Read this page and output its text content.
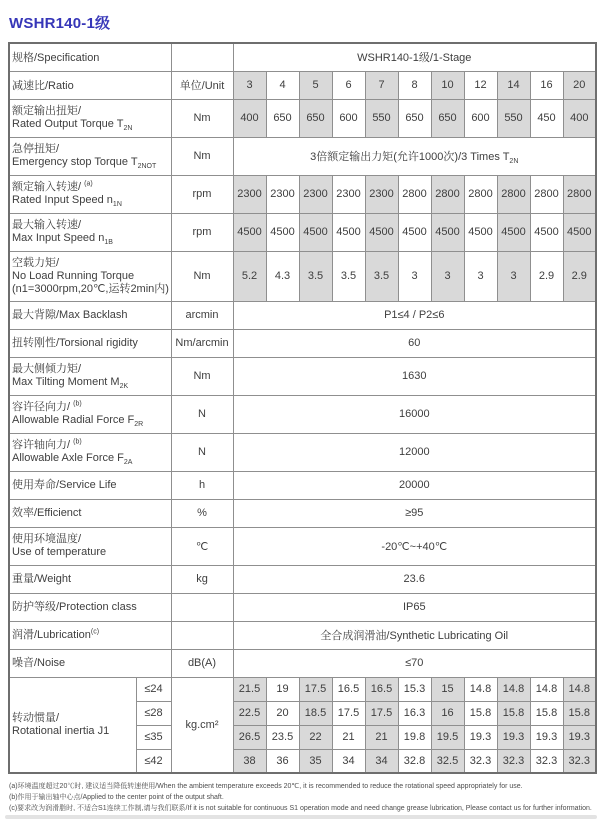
WSHR140-1级
规格/Specification			WSHR140-1级/1-Stage										
减速比/Ratio		单位/Unit	3	4	5	6	7	8	10	12	14	16	20

额定输出扭矩/
Rated Output Torque $T_{2N}$		Nm	400	650	650	600	550	650	650	600	550	450	400

急停扭矩/
Emergency stop Torque $T_{2NOT}$		Nm	3倍额定输出力矩(允许1000次)/3 Times $T_{2N}$

额定输入转速/ $^{(a)}$
Rated Input Speed $n_{1N}$		rpm	2300	2300	2300	2300	2300	2800	2800	2800	2800	2800	2800

最大输入转速/
Max Input Speed $n_{1B}$		rpm	4500	4500	4500	4500	4500	4500	4500	4500	4500	4500	4500

空载力矩/
No Load Running Torque
(n1=3000rpm,20℃,运转2min内)		Nm	5.2	4.3	3.5	3.5	3.5	3	3	3	3	2.9	2.9

最大背隙/Max Backlash		arcmin	P1≤4 / P2≤6										

扭转刚性/Torsional rigidity		Nm/arcmin	60										

最大侧倾力矩/
Max Tilting Moment $M_{2K}$		Nm	1630										

容许径向力/ $^{(b)}$
Allowable Radial Force $F_{2R}$		N	16000										

容许轴向力/ $^{(b)}$
Allowable Axle Force $F_{2A}$		N	12000										

使用寿命/Service Life		h	20000										

效率/Efficienct		%	≥95										

使用环境温度/
Use of temperature		℃	-20℃~+40℃										

重量/Weight		kg	23.6										

防护等级/Protection class			IP65										

润滑/Lubrication$^{(c)}$			全合成润滑油/Synthetic Lubricating Oil										

噪音/Noise		dB(A)	≤70										

转动惯量/
Rotational inertia J1	≤24	kg.cm²	21.5	19	17.5	16.5	16.5	15.3	15	14.8	14.8	14.8	14.8
	≤28		22.5	20	18.5	17.5	17.5	16.3	16	15.8	15.8	15.8	15.8
	≤35		26.5	23.5	22	21	21	19.8	19.5	19.3	19.3	19.3	19.3
	≤42		38	36	35	34	34	32.8	32.5	32.3	32.3	32.3	32.3
(a)环境温度超过20℃时, 建议适当降低转速使用/When the ambient temperature exceeds 20℃, it is recommended to reduce the rotational speed appropriately for use.
(b)作用于输出轴中心点/Applied to the center point of the output shaft.
(c)要求改为润滑脂时, 不适合S1连续工作制,请与我们联系/If it is not suitable for continuous S1 operation mode and need change grease lubrication, Please contact us for further information.
